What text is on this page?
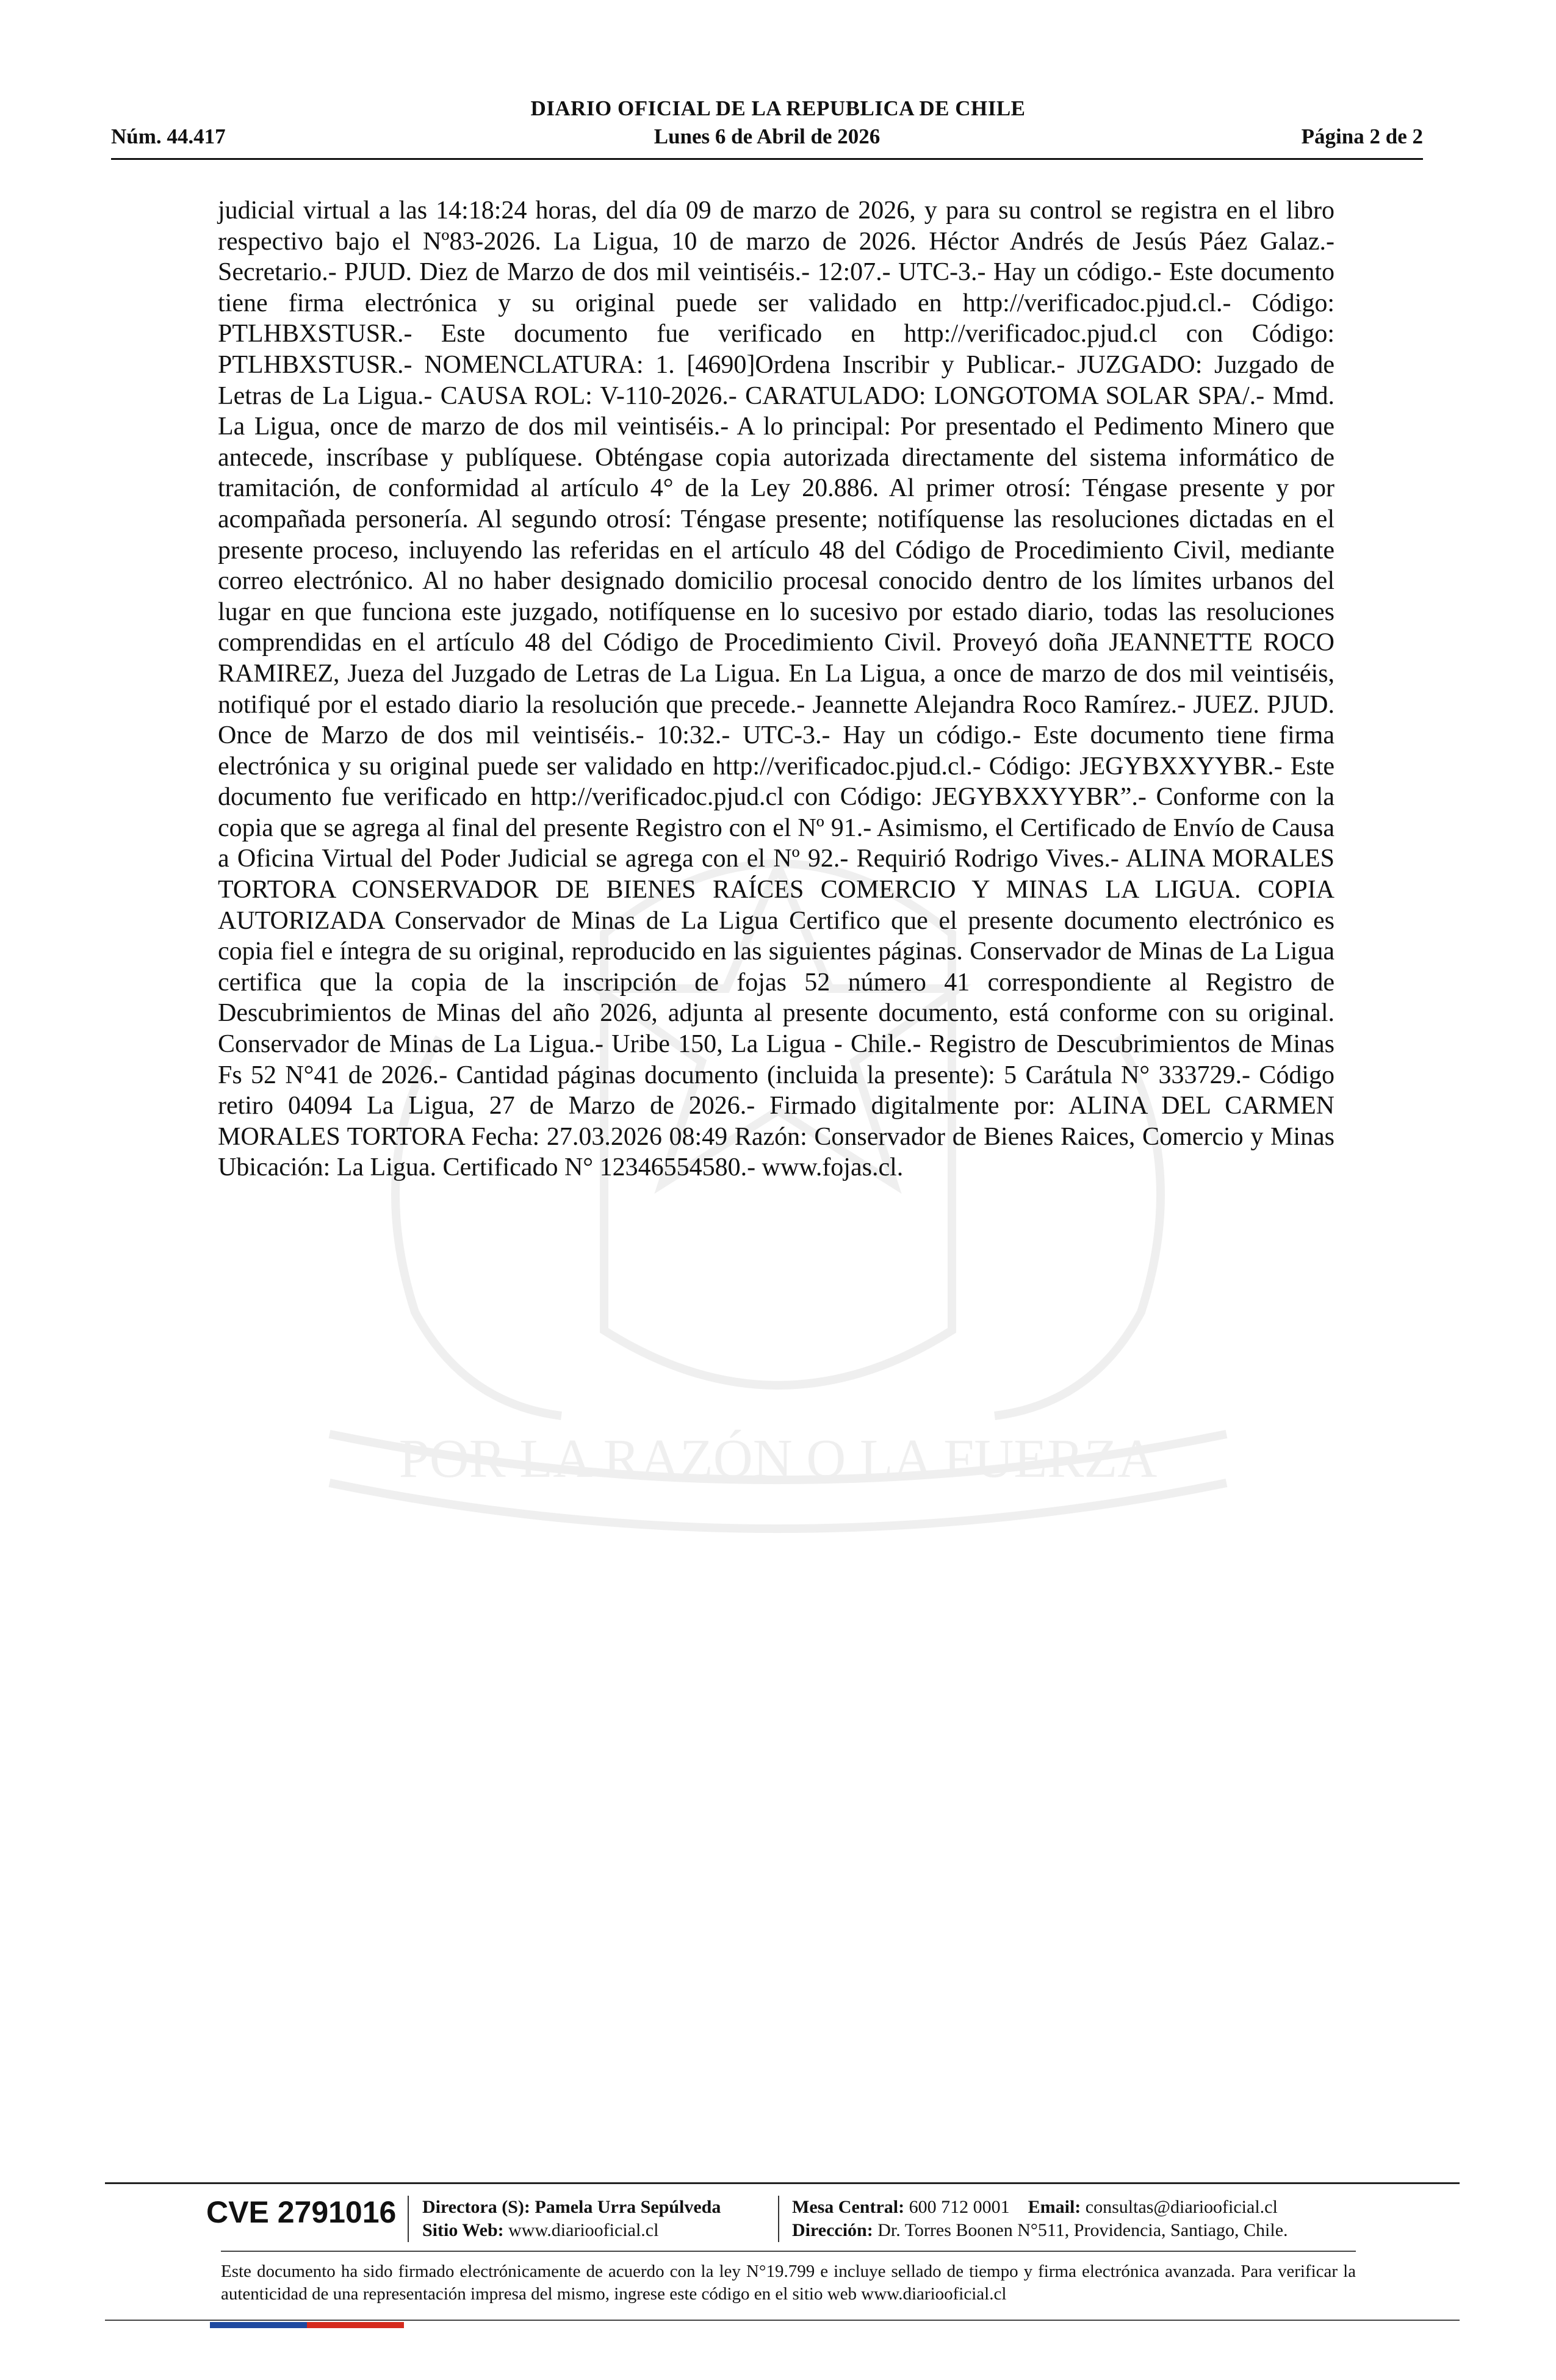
DIARIO OFICIAL DE LA REPUBLICA DE CHILE
Núm. 44.417	Lunes 6 de Abril de 2026	Página 2 de 2
POR LA RAZÓN O LA FUERZA
judicial virtual a las 14:18:24 horas, del día 09 de marzo de 2026, y para su control se registra en el libro respectivo bajo el Nº83-2026. La Ligua, 10 de marzo de 2026. Héctor Andrés de Jesús Páez Galaz.- Secretario.- PJUD. Diez de Marzo de dos mil veintiséis.- 12:07.- UTC-3.- Hay un código.- Este documento tiene firma electrónica y su original puede ser validado en http://verificadoc.pjud.cl.- Código: PTLHBXSTUSR.- Este documento fue verificado en http://verificadoc.pjud.cl con Código: PTLHBXSTUSR.- NOMENCLATURA: 1. [4690]Ordena Inscribir y Publicar.- JUZGADO: Juzgado de Letras de La Ligua.- CAUSA ROL: V-110-2026.- CARATULADO: LONGOTOMA SOLAR SPA/.- Mmd. La Ligua, once de marzo de dos mil veintiséis.- A lo principal: Por presentado el Pedimento Minero que antecede, inscríbase y publíquese. Obténgase copia autorizada directamente del sistema informático de tramitación, de conformidad al artículo 4° de la Ley 20.886. Al primer otrosí: Téngase presente y por acompañada personería. Al segundo otrosí: Téngase presente; notifíquense las resoluciones dictadas en el presente proceso, incluyendo las referidas en el artículo 48 del Código de Procedimiento Civil, mediante correo electrónico. Al no haber designado domicilio procesal conocido dentro de los límites urbanos del lugar en que funciona este juzgado, notifíquense en lo sucesivo por estado diario, todas las resoluciones comprendidas en el artículo 48 del Código de Procedimiento Civil. Proveyó doña JEANNETTE ROCO RAMIREZ, Jueza del Juzgado de Letras de La Ligua. En La Ligua, a once de marzo de dos mil veintiséis, notifiqué por el estado diario la resolución que precede.- Jeannette Alejandra Roco Ramírez.- JUEZ. PJUD. Once de Marzo de dos mil veintiséis.- 10:32.- UTC-3.- Hay un código.- Este documento tiene firma electrónica y su original puede ser validado en http://verificadoc.pjud.cl.- Código: JEGYBXXYYBR.- Este documento fue verificado en http://verificadoc.pjud.cl con Código: JEGYBXXYYBR”.- Conforme con la copia que se agrega al final del presente Registro con el Nº 91.- Asimismo, el Certificado de Envío de Causa a Oficina Virtual del Poder Judicial se agrega con el Nº 92.- Requirió Rodrigo Vives.- ALINA MORALES TORTORA CONSERVADOR DE BIENES RAÍCES COMERCIO Y MINAS LA LIGUA. COPIA AUTORIZADA Conservador de Minas de La Ligua Certifico que el presente documento electrónico es copia fiel e íntegra de su original, reproducido en las siguientes páginas. Conservador de Minas de La Ligua certifica que la copia de la inscripción de fojas 52 número 41 correspondiente al Registro de Descubrimientos de Minas del año 2026, adjunta al presente documento, está conforme con su original. Conservador de Minas de La Ligua.- Uribe 150, La Ligua - Chile.- Registro de Descubrimientos de Minas Fs 52 N°41 de 2026.- Cantidad páginas documento (incluida la presente): 5 Carátula N° 333729.- Código retiro 04094 La Ligua, 27 de Marzo de 2026.- Firmado digitalmente por: ALINA DEL CARMEN MORALES TORTORA Fecha: 27.03.2026 08:49 Razón: Conservador de Bienes Raices, Comercio y Minas Ubicación: La Ligua. Certificado N° 12346554580.- www.fojas.cl.
CVE 2791016 Directora (S): Pamela Urra Sepúlveda
Sitio Web: www.diariooficial.cl
Mesa Central: 600 712 0001 Email: consultas@diariooficial.cl
Dirección: Dr. Torres Boonen N°511, Providencia, Santiago, Chile.
Este documento ha sido firmado electrónicamente de acuerdo con la ley N°19.799 e incluye sellado de tiempo y firma electrónica avanzada. Para verificar la autenticidad de una representación impresa del mismo, ingrese este código en el sitio web www.diariooficial.cl
